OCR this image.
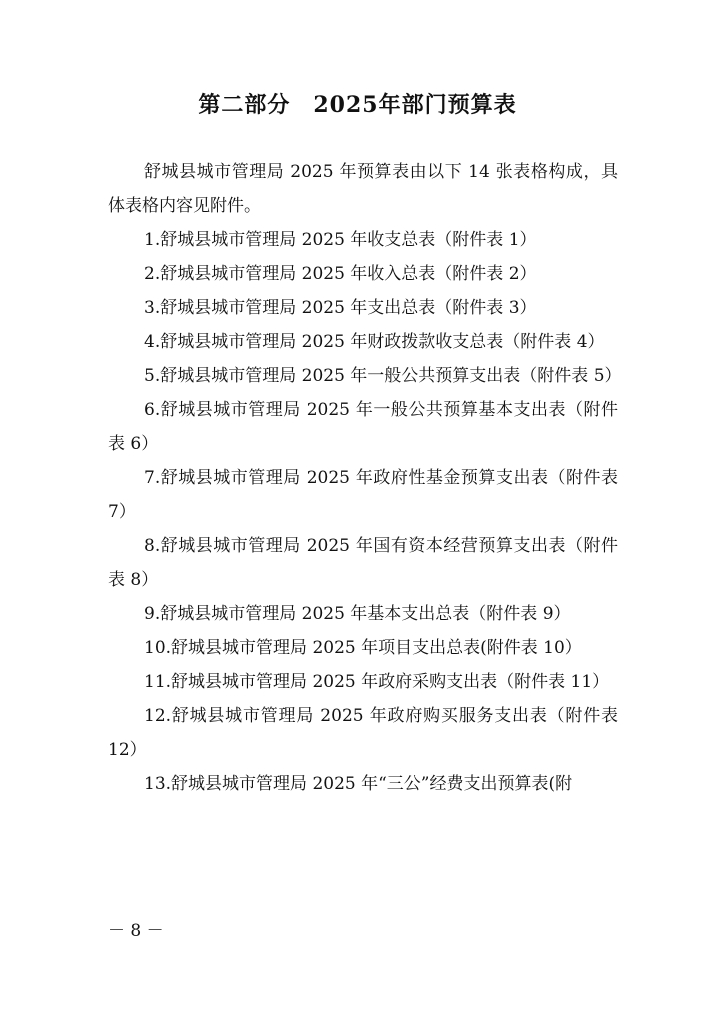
第二部分　2025年部门预算表

舒城县城市管理局 2025 年预算表由以下 14 张表格构成，具体表格内容见附件。

1.舒城县城市管理局 2025 年收支总表（附件表 1）

2.舒城县城市管理局 2025 年收入总表（附件表 2）

3.舒城县城市管理局 2025 年支出总表（附件表 3）

4.舒城县城市管理局 2025 年财政拨款收支总表（附件表 4）

5.舒城县城市管理局 2025 年一般公共预算支出表（附件表 5）

6.舒城县城市管理局 2025 年一般公共预算基本支出表（附件表 6）

7.舒城县城市管理局 2025 年政府性基金预算支出表（附件表 7）

8.舒城县城市管理局 2025 年国有资本经营预算支出表（附件表 8）

9.舒城县城市管理局 2025 年基本支出总表（附件表 9）

10.舒城县城市管理局 2025 年项目支出总表(附件表 10）

11.舒城县城市管理局 2025 年政府采购支出表（附件表 11）

12.舒城县城市管理局 2025 年政府购买服务支出表（附件表 12）

13.舒城县城市管理局 2025 年“三公”经费支出预算表(附

－ 8 －
